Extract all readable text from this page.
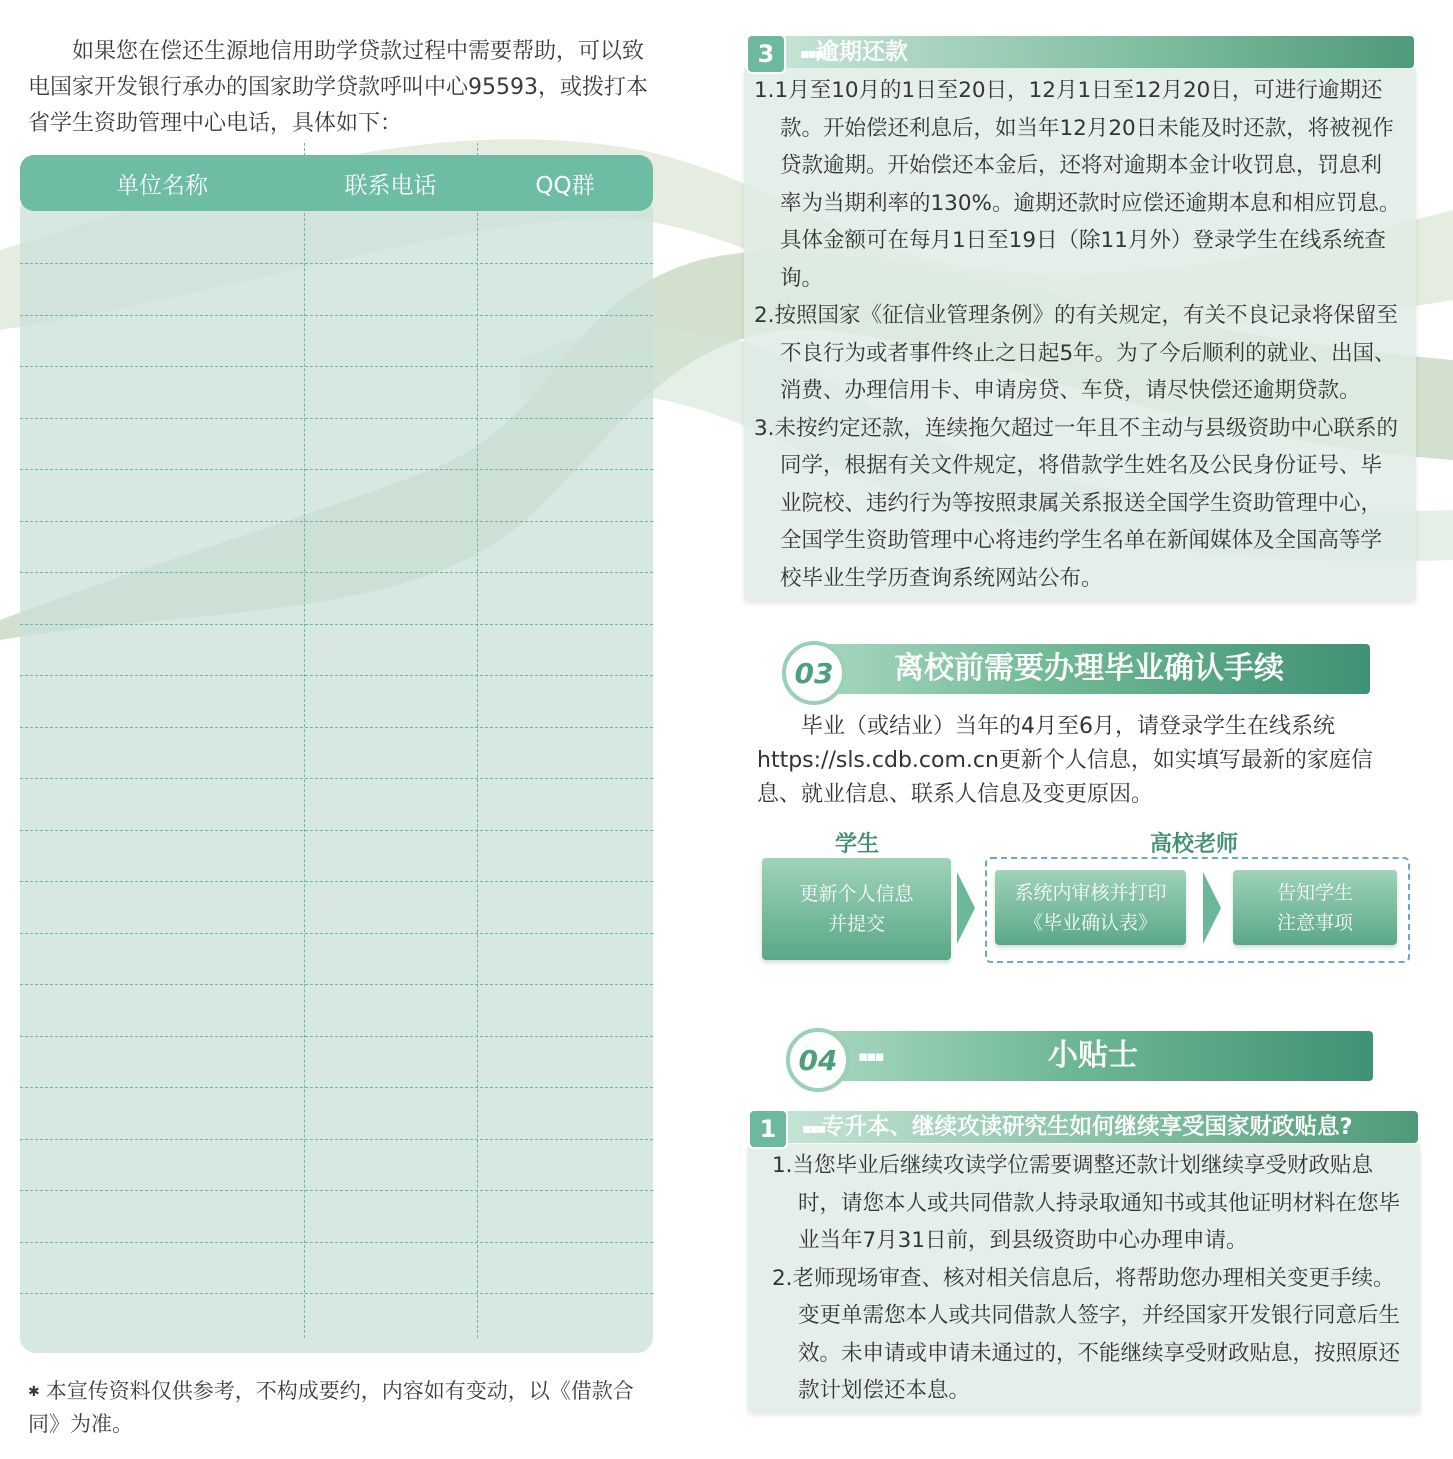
如果您在偿还生源地信用助学贷款过程中需要帮助，可以致电国家开发银行承办的国家助学贷款呼叫中心95593，或拨打本省学生资助管理中心电话，具体如下：

单位名称	联系电话	QQ群
✱ 本宣传资料仅供参考，不构成要约，内容如有变动，以《借款合同》为准。
3	▪▪▪
逾期还款
1.1月至10月的1日至20日，12月1日至12月20日，可进行逾期还款。开始偿还利息后，如当年12月20日未能及时还款，将被视作贷款逾期。开始偿还本金后，还将对逾期本金计收罚息，罚息利率为当期利率的130%。逾期还款时应偿还逾期本息和相应罚息。具体金额可在每月1日至19日（除11月外）登录学生在线系统查询。
2.按照国家《征信业管理条例》的有关规定，有关不良记录将保留至不良行为或者事件终止之日起5年。为了今后顺利的就业、出国、消费、办理信用卡、申请房贷、车贷，请尽快偿还逾期贷款。
3.未按约定还款，连续拖欠超过一年且不主动与县级资助中心联系的同学，根据有关文件规定，将借款学生姓名及公民身份证号、毕业院校、违约行为等按照隶属关系报送全国学生资助管理中心，全国学生资助管理中心将违约学生名单在新闻媒体及全国高等学校毕业生学历查询系统网站公布。
03	离校前需要办理毕业确认手续

毕业（或结业）当年的4月至6月，请登录学生在线系统https://sls.cdb.com.cn更新个人信息，如实填写最新的家庭信息、就业信息、联系人信息及变更原因。

学生	高校老师
更新个人信息
并提交
系统内审核并打印
《毕业确认表》
告知学生
注意事项
04	▪▪▪	小贴士
1	▪▪▪
专升本、继续攻读研究生如何继续享受国家财政贴息?
1.当您毕业后继续攻读学位需要调整还款计划继续享受财政贴息时，请您本人或共同借款人持录取通知书或其他证明材料在您毕业当年7月31日前，到县级资助中心办理申请。
2.老师现场审查、核对相关信息后，将帮助您办理相关变更手续。变更单需您本人或共同借款人签字，并经国家开发银行同意后生效。未申请或申请未通过的，不能继续享受财政贴息，按照原还款计划偿还本息。
